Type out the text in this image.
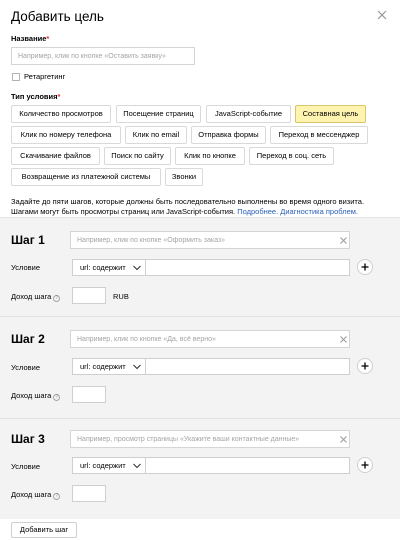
Добавить цель
Название*
Например, клик по кнопке «Оставить заявку»
Ретаргетинг
Тип условия*
Количество просмотров	Посещение страниц	JavaScript-событие	Составная цель
Клик по номеру телефона	Клик по email	Отправка формы	Переход в мессенджер
Скачивание файлов	Поиск по сайту	Клик по кнопке	Переход в соц. сеть
Возвращение из платежной системы	Звонки
Задайте до пяти шагов, которые должны быть последовательно выполнены во время одного визита. Шагами могут быть просмотры страниц или JavaScript-события. Подробнее. Диагностика проблем.
Шаг 1
Например, клик по кнопке «Оформить заказ»
Условие	url: содержит
Доход шага ?	RUB
Шаг 2
Например, клик по кнопке «Да, всё верно»
Условие	url: содержит
Доход шага ?
Шаг 3
Например, просмотр страницы «Укажите ваши контактные данные»
Условие	url: содержит
Доход шага ?
Добавить шаг
